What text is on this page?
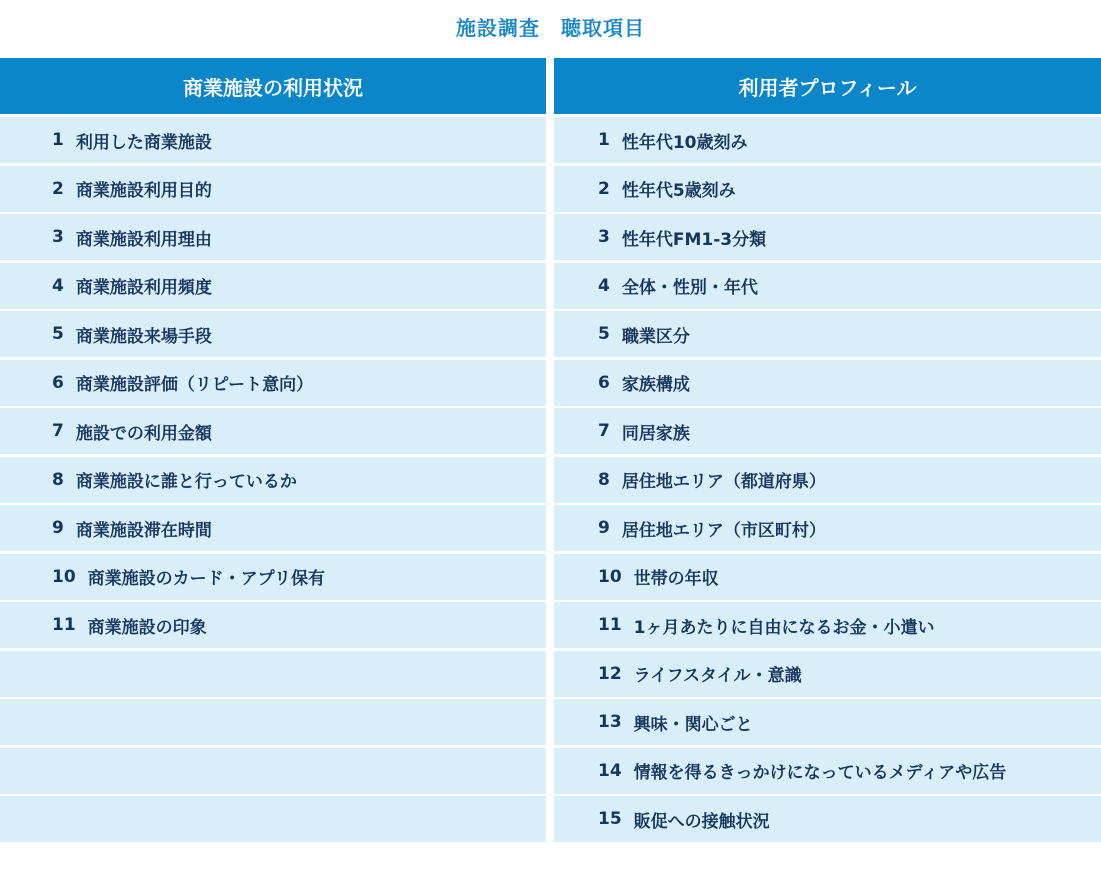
施設調査　聴取項目
商業施設の利用状況
1 利用した商業施設
2 商業施設利用目的
3 商業施設利用理由
4 商業施設利用頻度
5 商業施設来場手段
6 商業施設評価（リピート意向）
7 施設での利用金額
8 商業施設に誰と行っているか
9 商業施設滞在時間
10 商業施設のカード・アプリ保有
11 商業施設の印象
利用者プロフィール
1 性年代10歳刻み
2 性年代5歳刻み
3 性年代FM1-3分類
4 全体・性別・年代
5 職業区分
6 家族構成
7 同居家族
8 居住地エリア（都道府県）
9 居住地エリア（市区町村）
10 世帯の年収
11 1ヶ月あたりに自由になるお金・小遣い
12 ライフスタイル・意識
13 興味・関心ごと
14 情報を得るきっかけになっているメディアや広告
15 販促への接触状況
